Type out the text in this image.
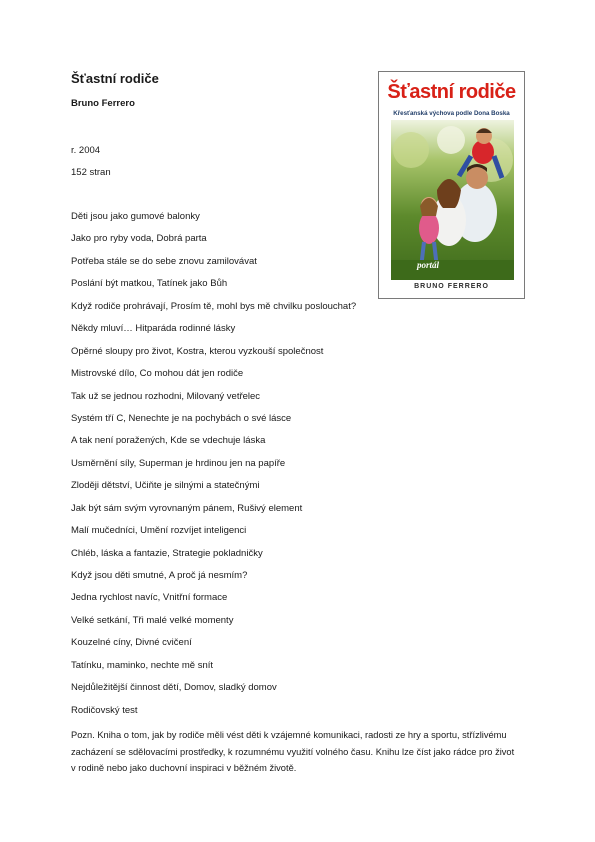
Šťastní rodiče
Bruno Ferrero
r. 2004
152 stran
Děti jsou jako gumové balonky
Jako pro ryby voda, Dobrá parta
Potřeba stále se do sebe znovu zamilovávat
Poslání být matkou, Tatínek jako Bůh
Když rodiče prohrávají, Prosím tě, mohl bys mě chvilku poslouchat?
Někdy mluví… Hitparáda rodinné lásky
Opěrné sloupy pro život, Kostra, kterou vyzkouší společnost
Mistrovské dílo, Co mohou dát jen rodiče
Tak už se jednou rozhodni, Milovaný vetřelec
Systém tří C, Nenechte je na pochybách o své lásce
A tak není poražených, Kde se vdechuje láska
Usměrnění síly, Superman je hrdinou jen na papíře
Zloději dětství, Učiňte je silnými a statečnými
Jak být sám svým vyrovnaným pánem, Rušivý element
Malí mučedníci, Umění rozvíjet inteligenci
Chléb, láska a fantazie, Strategie pokladničky
Když jsou děti smutné, A proč já nesmím?
Jedna rychlost navíc, Vnitřní formace
Velké setkání, Tři malé velké momenty
Kouzelné cíny, Divné cvičení
Tatínku, maminko, nechte mě snít
Nejdůležitější činnost dětí, Domov, sladký domov
Rodičovský test
Pozn. Kniha o tom, jak by rodiče měli vést děti k vzájemné komunikaci, radosti ze hry a sportu, střízlivému zacházení se sdělovacími prostředky, k rozumnému využití volného času. Knihu lze číst jako rádce pro život v rodině nebo jako duchovní inspiraci v běžném životě.
Šťastní rodiče
Křesťanská výchova podle Dona Boska
portál
BRUNO FERRERO
